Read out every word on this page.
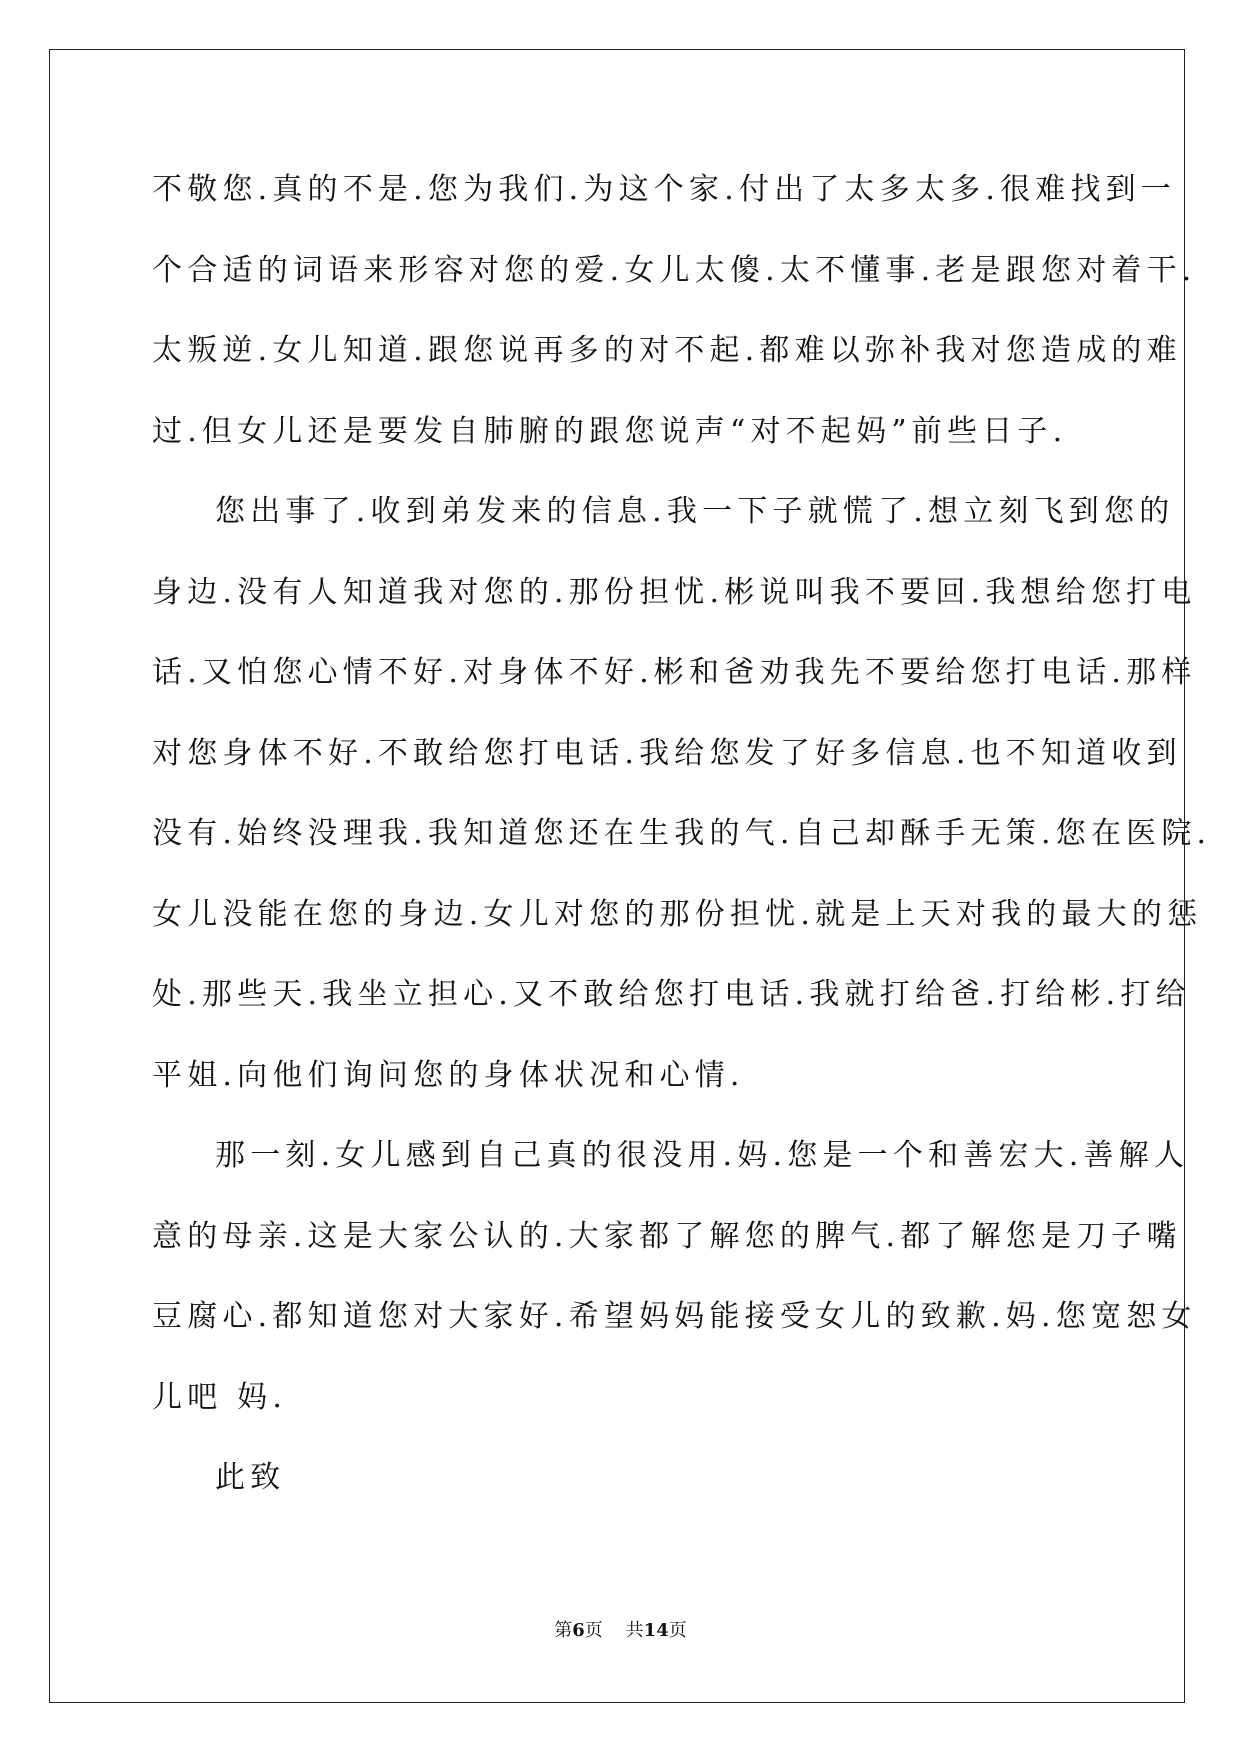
不敬您.真的不是.您为我们.为这个家.付出了太多太多.很难找到一
个合适的词语来形容对您的爱.女儿太傻.太不懂事.老是跟您对着干.
太叛逆.女儿知道.跟您说再多的对不起.都难以弥补我对您造成的难
过.但女儿还是要发自肺腑的跟您说声“对不起妈”前些日子.
您出事了.收到弟发来的信息.我一下子就慌了.想立刻飞到您的
身边.没有人知道我对您的.那份担忧.彬说叫我不要回.我想给您打电
话.又怕您心情不好.对身体不好.彬和爸劝我先不要给您打电话.那样
对您身体不好.不敢给您打电话.我给您发了好多信息.也不知道收到
没有.始终没理我.我知道您还在生我的气.自己却酥手无策.您在医院.
女儿没能在您的身边.女儿对您的那份担忧.就是上天对我的最大的惩
处.那些天.我坐立担心.又不敢给您打电话.我就打给爸.打给彬.打给
平姐.向他们询问您的身体状况和心情.
那一刻.女儿感到自己真的很没用.妈.您是一个和善宏大.善解人
意的母亲.这是大家公认的.大家都了解您的脾气.都了解您是刀子嘴
豆腐心.都知道您对大家好.希望妈妈能接受女儿的致歉.妈.您宽恕女
儿吧 妈.
此致
第6页 共14页
